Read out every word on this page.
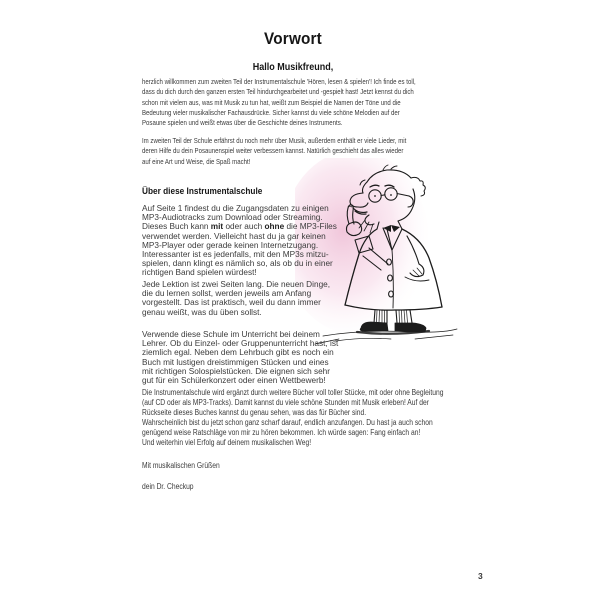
Vorwort
Hallo Musikfreund,
herzlich willkommen zum zweiten Teil der Instrumentalschule 'Hören, lesen & spielen'! Ich finde es toll,
dass du dich durch den ganzen ersten Teil hindurchgearbeitet und -gespielt hast! Jetzt kennst du dich
schon mit vielem aus, was mit Musik zu tun hat, weißt zum Beispiel die Namen der Töne und die
Bedeutung vieler musikalischer Fachausdrücke. Sicher kannst du viele schöne Melodien auf der
Posaune spielen und weißt etwas über die Geschichte deines Instruments.
Im zweiten Teil der Schule erfährst du noch mehr über Musik, außerdem enthält er viele Lieder, mit
deren Hilfe du dein Posaunenspiel weiter verbessern kannst. Natürlich geschieht das alles wieder
auf eine Art und Weise, die Spaß macht!
Über diese Instrumentalschule
Auf Seite 1 findest du die Zugangsdaten zu einigen
MP3-Audiotracks zum Download oder Streaming.
Dieses Buch kann mit oder auch ohne die MP3-Files
verwendet werden. Vielleicht hast du ja gar keinen
MP3-Player oder gerade keinen Internetzugang.
Interessanter ist es jedenfalls, mit den MP3s mitzu-
spielen, dann klingt es nämlich so, als ob du in einer
richtigen Band spielen würdest!
Jede Lektion ist zwei Seiten lang. Die neuen Dinge,
die du lernen sollst, werden jeweils am Anfang
vorgestellt. Das ist praktisch, weil du dann immer
genau weißt, was du üben sollst.
Verwende diese Schule im Unterricht bei deinem
Lehrer. Ob du Einzel- oder Gruppenunterricht hast, ist
ziemlich egal. Neben dem Lehrbuch gibt es noch ein
Buch mit lustigen dreistimmigen Stücken und eines
mit richtigen Solospielstücken. Die eignen sich sehr
gut für ein Schülerkonzert oder einen Wettbewerb!
Die Instrumentalschule wird ergänzt durch weitere Bücher voll toller Stücke, mit oder ohne Begleitung
(auf CD oder als MP3-Tracks). Damit kannst du viele schöne Stunden mit Musik erleben! Auf der
Rückseite dieses Buches kannst du genau sehen, was das für Bücher sind.
Wahrscheinlich bist du jetzt schon ganz scharf darauf, endlich anzufangen. Du hast ja auch schon
genügend weise Ratschläge von mir zu hören bekommen. Ich würde sagen: Fang einfach an!
Und weiterhin viel Erfolg auf deinem musikalischen Weg!
Mit musikalischen Grüßen
dein Dr. Checkup
3
